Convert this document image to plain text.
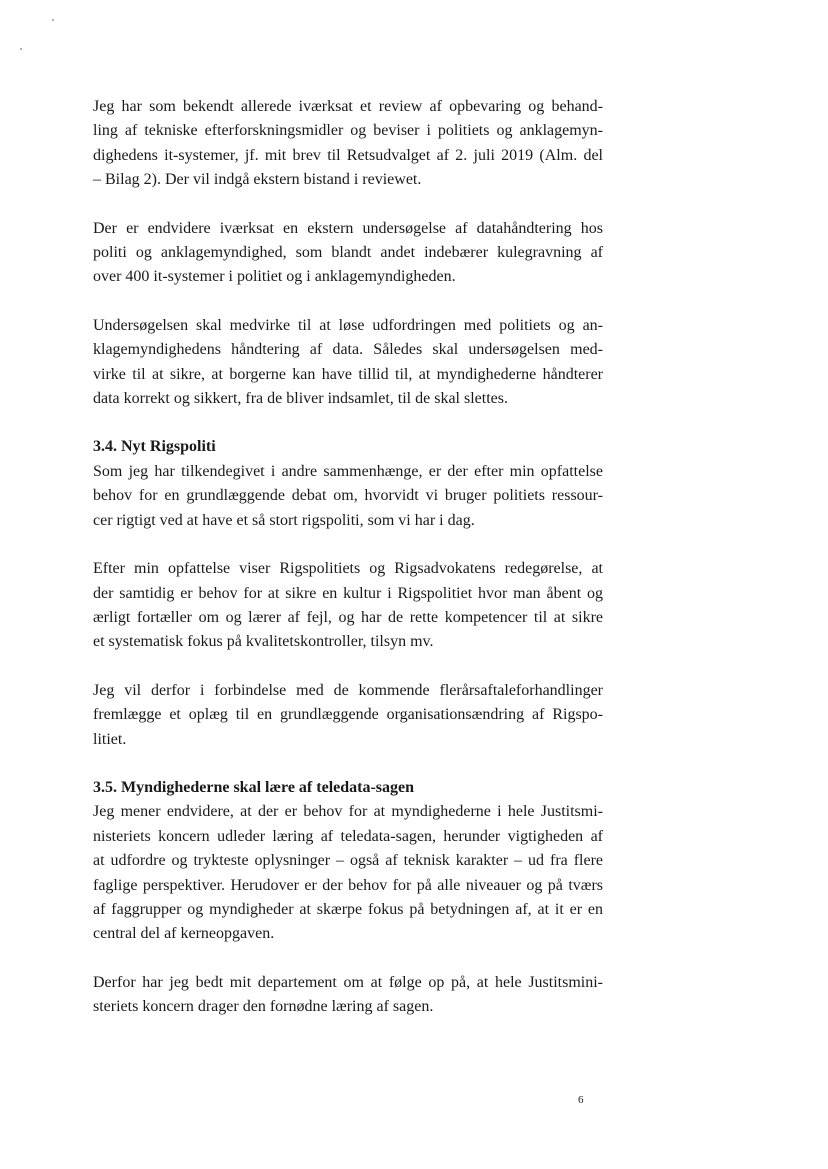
Jeg har som bekendt allerede iværksat et review af opbevaring og behand-
ling af tekniske efterforskningsmidler og beviser i politiets og anklagemyn-
dighedens it-systemer, jf. mit brev til Retsudvalget af 2. juli 2019 (Alm. del
– Bilag 2). Der vil indgå ekstern bistand i reviewet.

Der er endvidere iværksat en ekstern undersøgelse af datahåndtering hos
politi og anklagemyndighed, som blandt andet indebærer kulegravning af
over 400 it-systemer i politiet og i anklagemyndigheden.

Undersøgelsen skal medvirke til at løse udfordringen med politiets og an-
klagemyndighedens håndtering af data. Således skal undersøgelsen med-
virke til at sikre, at borgerne kan have tillid til, at myndighederne håndterer
data korrekt og sikkert, fra de bliver indsamlet, til de skal slettes.

3.4. Nyt Rigspoliti

Som jeg har tilkendegivet i andre sammenhænge, er der efter min opfattelse
behov for en grundlæggende debat om, hvorvidt vi bruger politiets ressour-
cer rigtigt ved at have et så stort rigspoliti, som vi har i dag.

Efter min opfattelse viser Rigspolitiets og Rigsadvokatens redegørelse, at
der samtidig er behov for at sikre en kultur i Rigspolitiet hvor man åbent og
ærligt fortæller om og lærer af fejl, og har de rette kompetencer til at sikre
et systematisk fokus på kvalitetskontroller, tilsyn mv.

Jeg vil derfor i forbindelse med de kommende flerårsaftaleforhandlinger
fremlægge et oplæg til en grundlæggende organisationsændring af Rigspo-
litiet.

3.5. Myndighederne skal lære af teledata-sagen

Jeg mener endvidere, at der er behov for at myndighederne i hele Justitsmi-
nisteriets koncern udleder læring af teledata-sagen, herunder vigtigheden af
at udfordre og trykteste oplysninger – også af teknisk karakter – ud fra flere
faglige perspektiver. Herudover er der behov for på alle niveauer og på tværs
af faggrupper og myndigheder at skærpe fokus på betydningen af, at it er en
central del af kerneopgaven.

Derfor har jeg bedt mit departement om at følge op på, at hele Justitsmini-
steriets koncern drager den fornødne læring af sagen.

6
